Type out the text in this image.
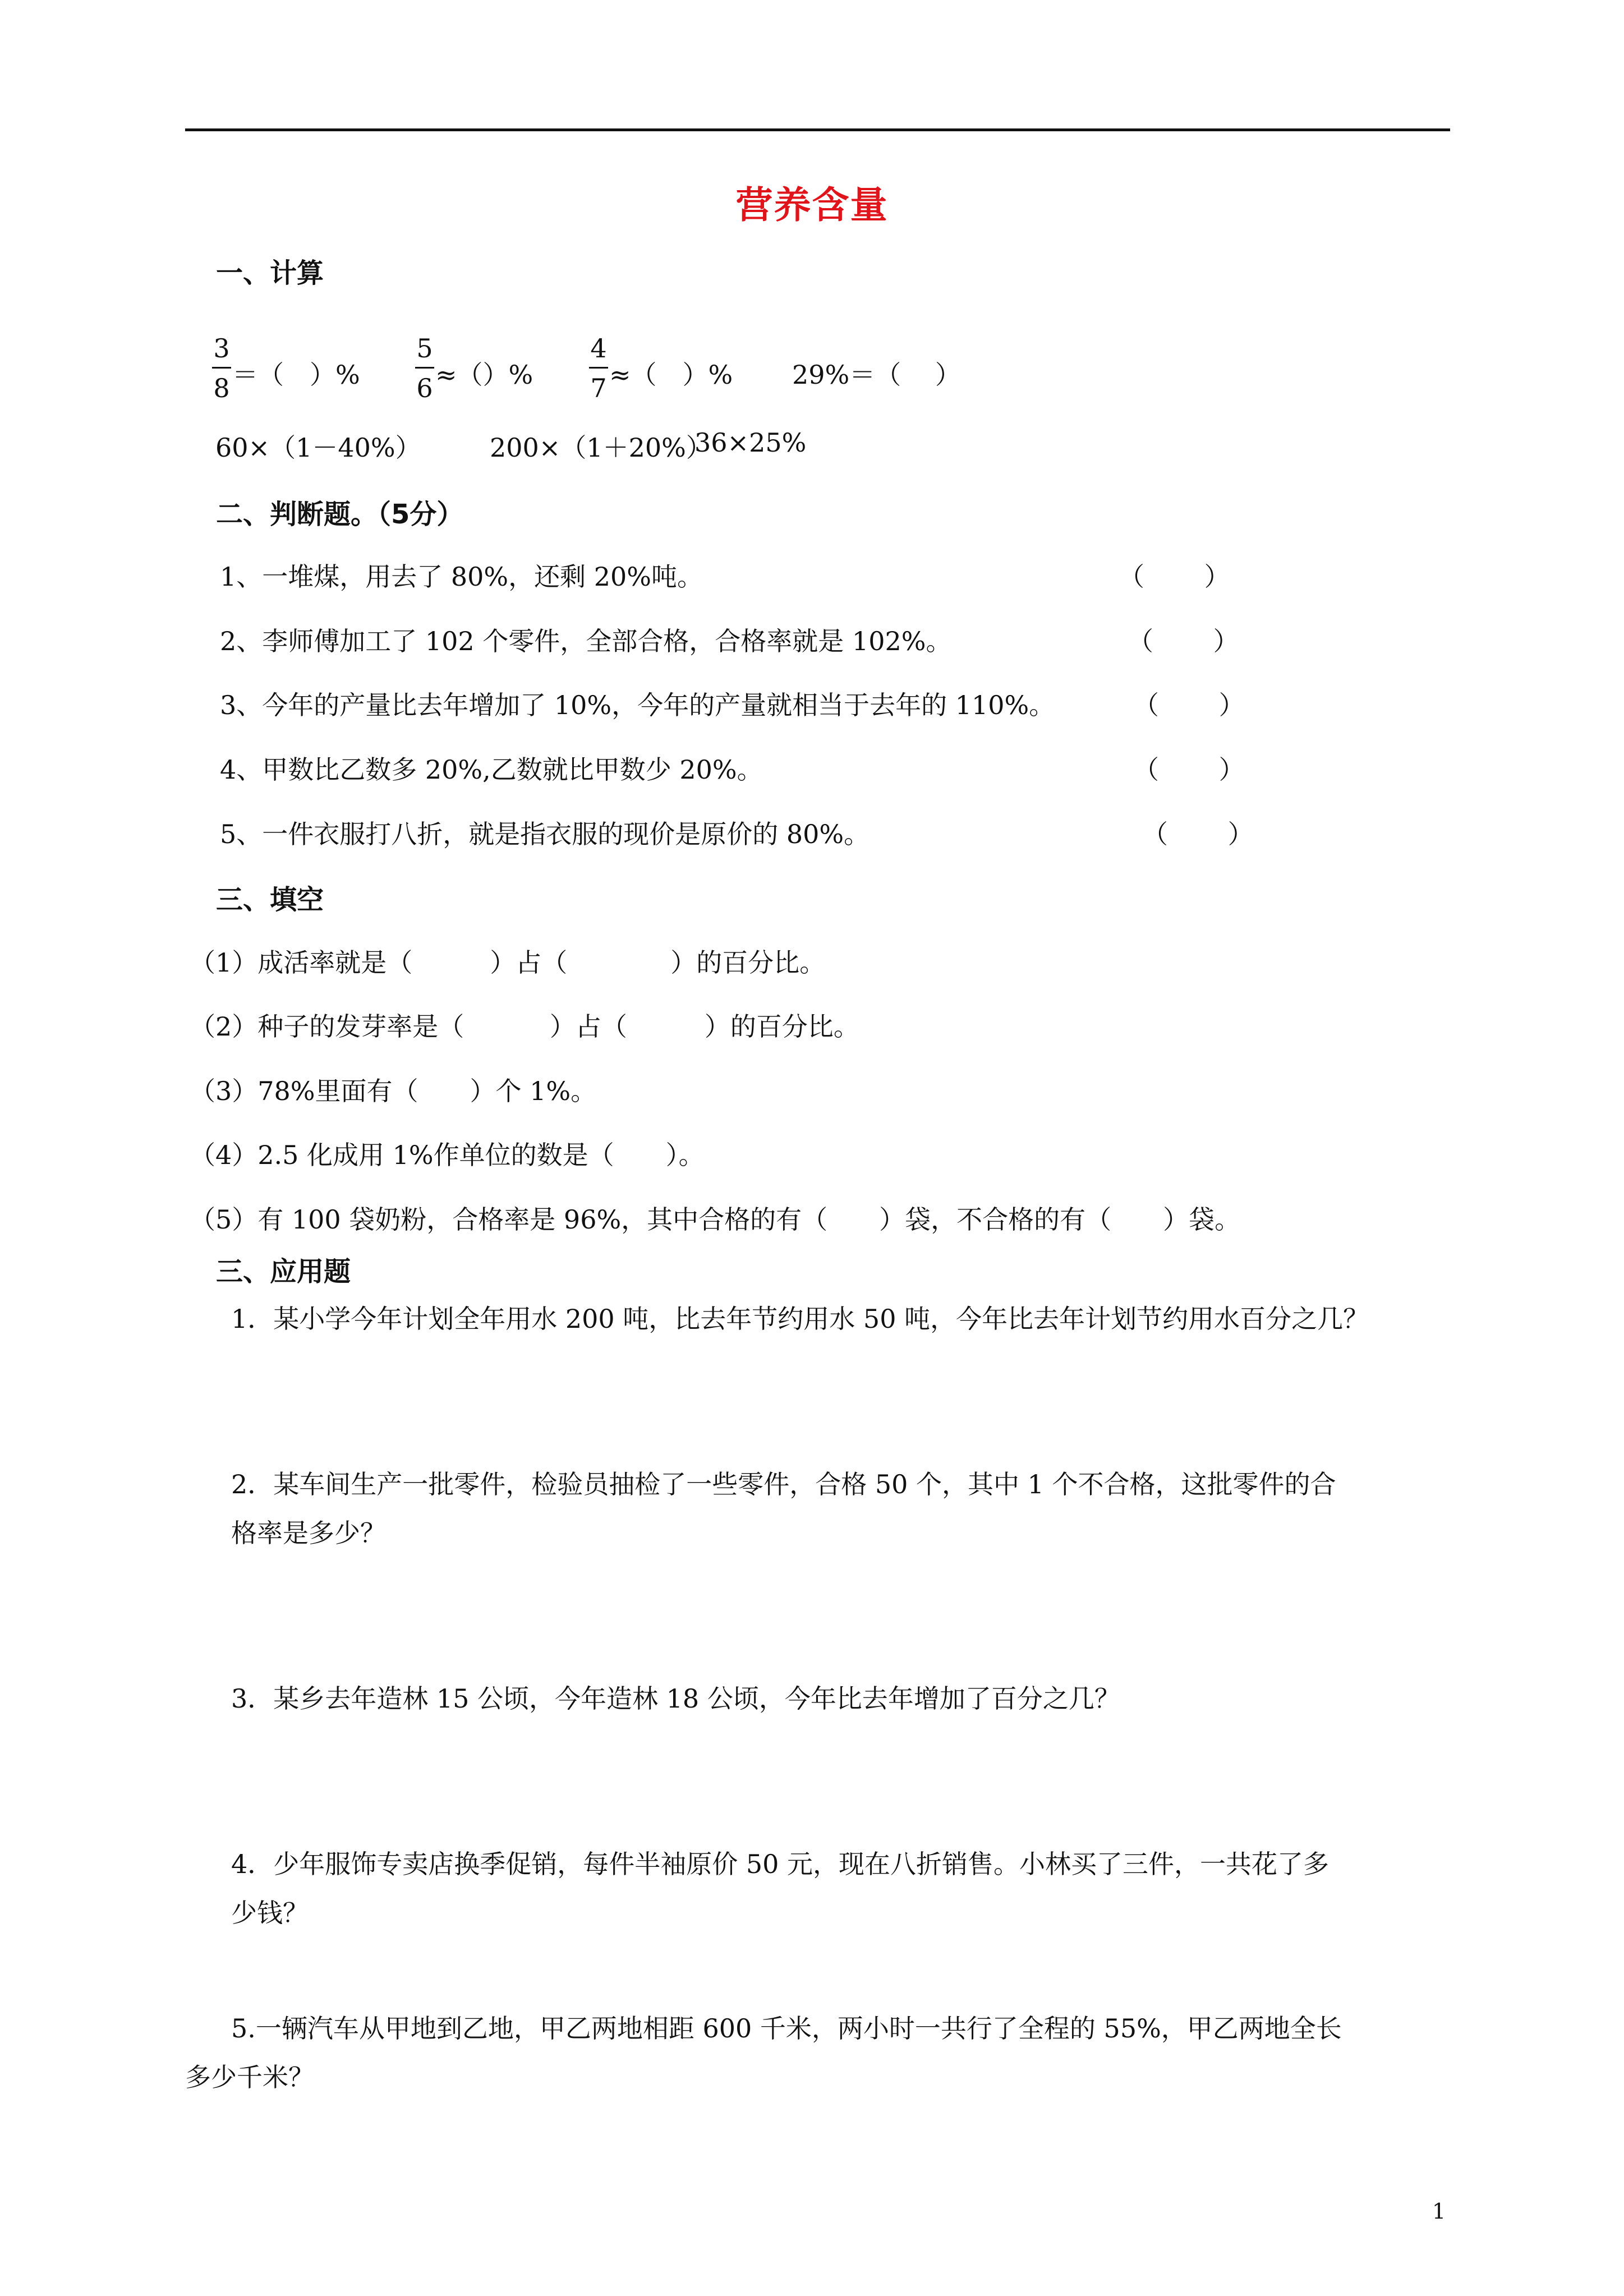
营养含量
一、计算
3
8 ＝（　）%
5
6 ≈（）%
4
7 ≈（　）% 29%＝（　 ）
60×（1－40%）	200×（1＋20%）
36×25%
二、判断题。（5分）
1、一堆煤，用去了 80%，还剩 20%吨。	（　　 ）
2、李师傅加工了 102 个零件，全部合格，合格率就是 102%。	（　　 ）
3、今年的产量比去年增加了 10%，今年的产量就相当于去年的 110%。	（　　 ）
4、甲数比乙数多 20%,乙数就比甲数少 20%。	（　　 ）
5、一件衣服打八折，就是指衣服的现价是原价的 80%。	（　　 ）
三、填空
（1）成活率就是（　　　）占（　　　　）的百分比。
（2）种子的发芽率是（　　　 ）占（　　　）的百分比。
（3）78%里面有（　　）个 1%。
（4）2.5 化成用 1%作单位的数是（　　）。
（5）有 100 袋奶粉，合格率是 96%，其中合格的有（　　）袋，不合格的有（　　）袋。
三、应用题
1．某小学今年计划全年用水 200 吨，比去年节约用水 50 吨，今年比去年计划节约用水百分之几？
2．某车间生产一批零件，检验员抽检了一些零件，合格 50 个，其中 1 个不合格，这批零件的合
格率是多少？
3．某乡去年造林 15 公顷，今年造林 18 公顷，今年比去年增加了百分之几？
4．少年服饰专卖店换季促销，每件半袖原价 50 元，现在八折销售。小林买了三件，一共花了多
少钱？
5.一辆汽车从甲地到乙地，甲乙两地相距 600 千米，两小时一共行了全程的 55%，甲乙两地全长
多少千米？
1
